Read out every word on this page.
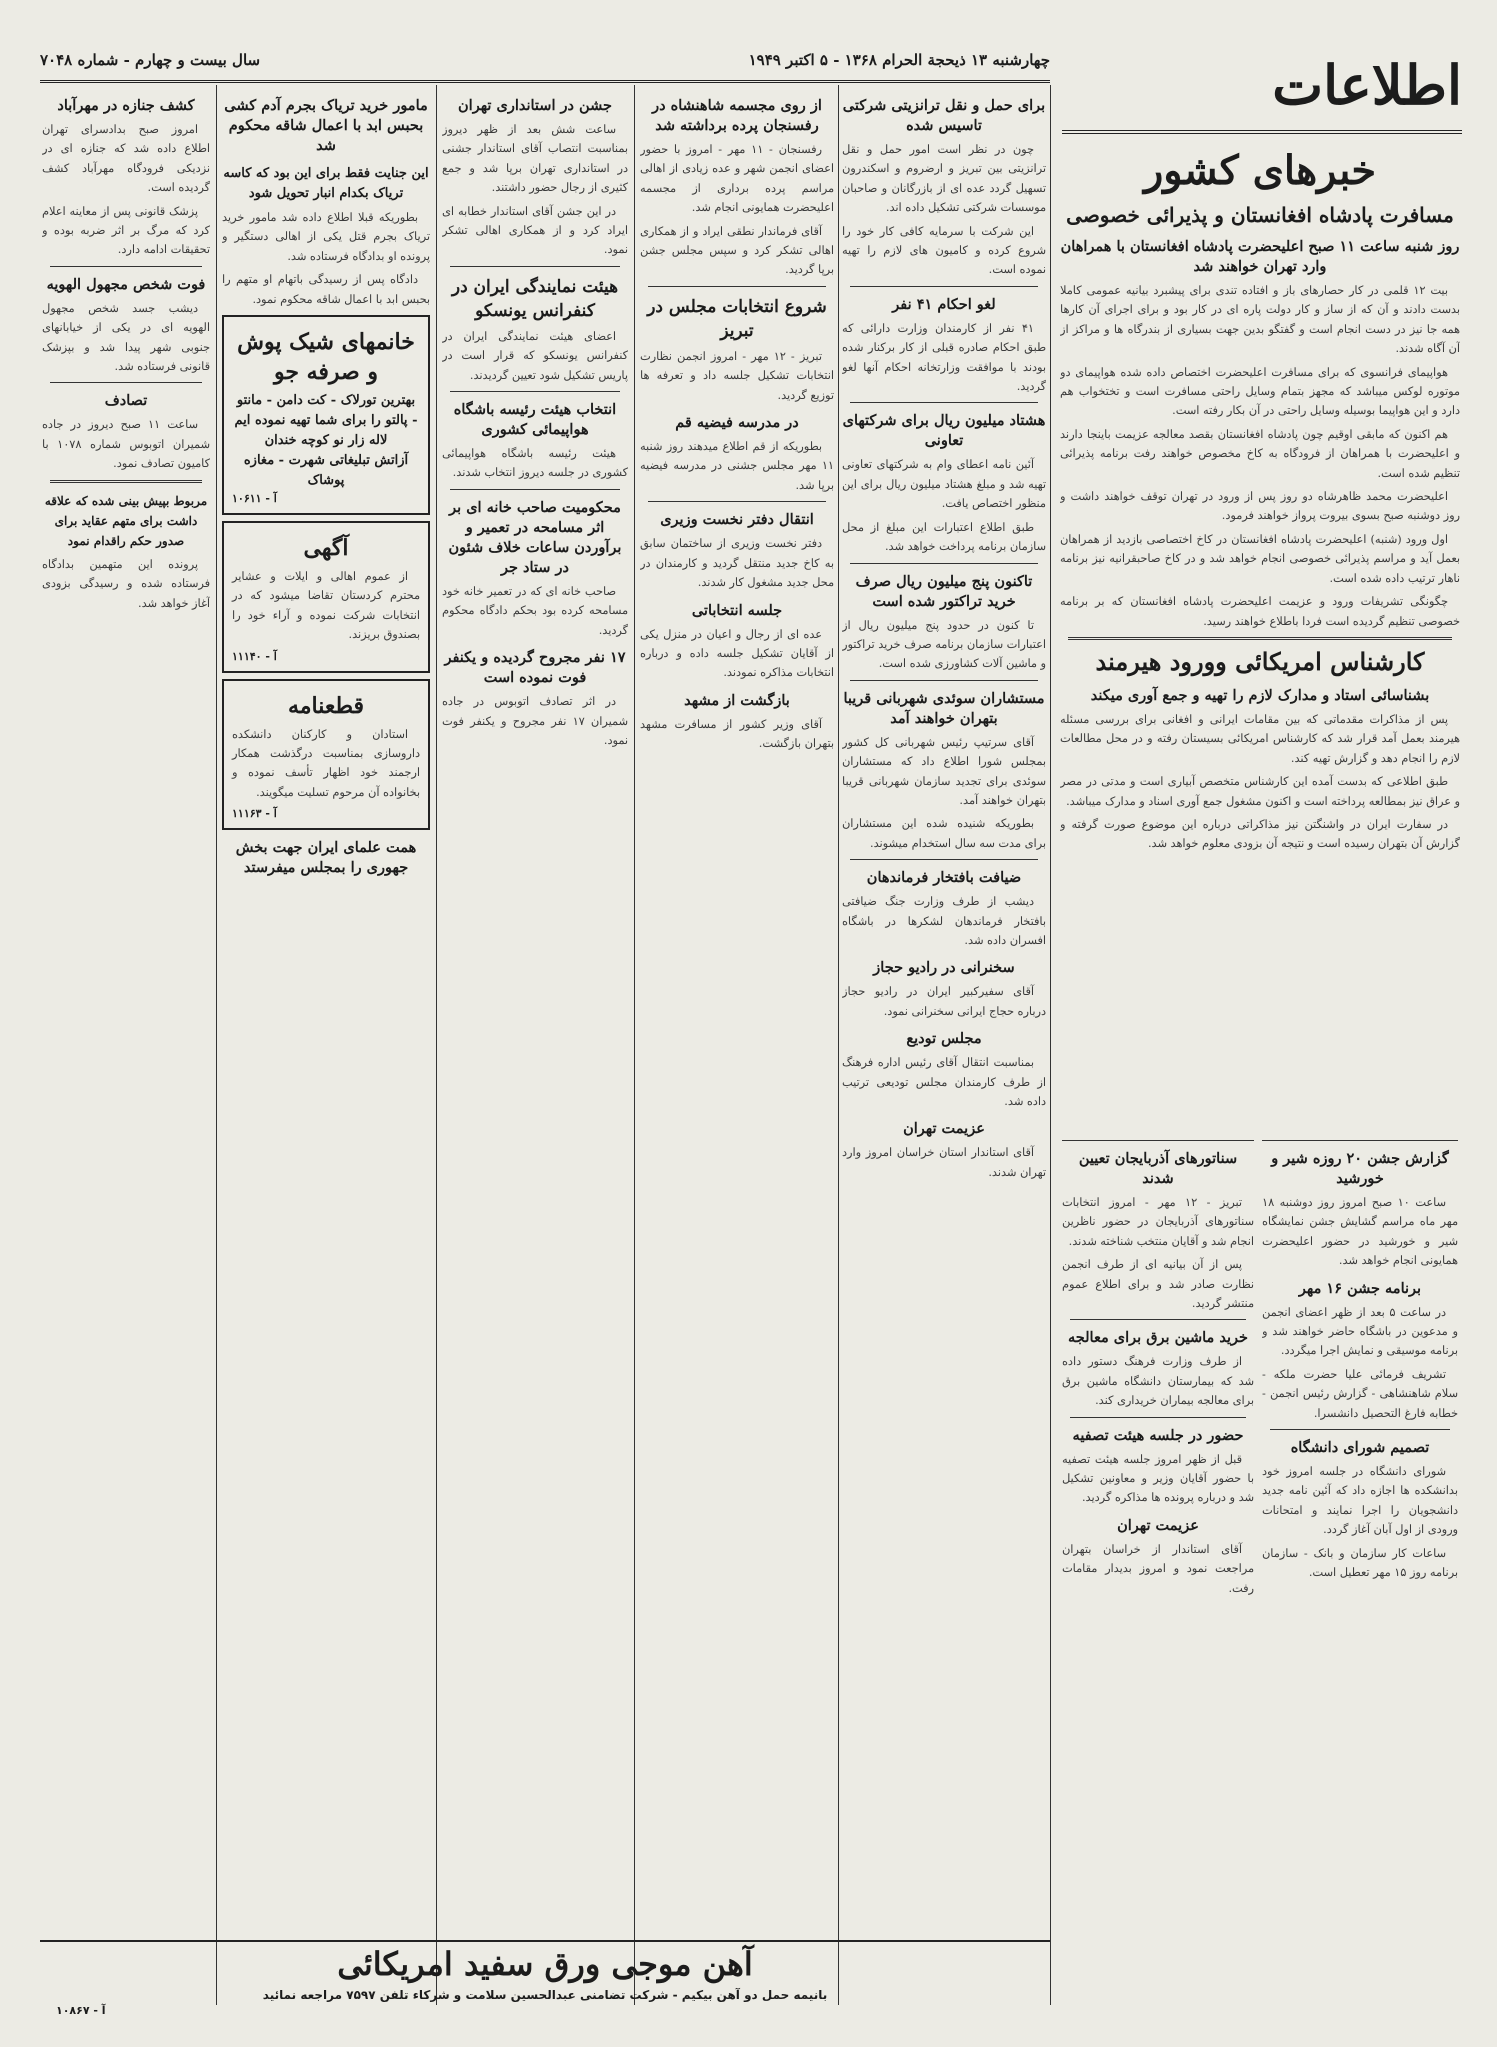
چهارشنبه ۱۳ ذیحجة الحرام ۱۳۶۸ - ۵ اکتبر ۱۹۴۹
سال بیست و چهارم - شماره ۷۰۴۸	اطلاعات
خبرهای کشور
مسافرت پادشاه افغانستان و پذیرائی خصوصی
روز شنبه ساعت ۱۱ صبح اعلیحضرت پادشاه افغانستان با همراهان وارد تهران خواهند شد

بیت ۱۲ قلمی در کار حصارهای باز و افتاده تندی برای پیشبرد بیانیه عمومی کاملا بدست دادند و آن که از ساز و کار دولت پاره ای در کار بود و برای اجرای آن کارها همه جا نیز در دست انجام است و گفتگو بدین جهت بسیاری از بندرگاه ها و مراکز از آن آگاه شدند.

هواپیمای فرانسوی که برای مسافرت اعلیحضرت اختصاص داده شده هواپیمای دو موتوره لوکس میباشد که مجهز بتمام وسایل راحتی مسافرت است و تختخواب هم دارد و این هواپیما بوسیله وسایل راحتی در آن بکار رفته است.

هم اکنون که مابقی اوقیم چون پادشاه افغانستان بقصد معالجه عزیمت باینجا دارند و اعلیحضرت با همراهان از فرودگاه به کاخ مخصوص خواهند رفت برنامه پذیرائی تنظیم شده است.

اعلیحضرت محمد ظاهرشاه دو روز پس از ورود در تهران توقف خواهند داشت و روز دوشنبه صبح بسوی بیروت پرواز خواهند فرمود.

اول ورود (شنبه) اعلیحضرت پادشاه افغانستان در کاخ اختصاصی بازدید از همراهان بعمل آید و مراسم پذیرائی خصوصی انجام خواهد شد و در کاخ صاحبقرانیه نیز برنامه ناهار ترتیب داده شده است.

چگونگی تشریفات ورود و عزیمت اعلیحضرت پادشاه افغانستان که بر برنامه خصوصی تنظیم گردیده است فردا باطلاع خواهند رسید.

کارشناس امریکائی وورود هیرمند
بشناسائی استاد و مدارک لازم را تهیه و جمع آوری میکند

پس از مذاکرات مقدماتی که بین مقامات ایرانی و افغانی برای بررسی مسئله هیرمند بعمل آمد قرار شد که کارشناس امریکائی بسیستان رفته و در محل مطالعات لازم را انجام دهد و گزارش تهیه کند.

طبق اطلاعی که بدست آمده این کارشناس متخصص آبیاری است و مدتی در مصر و عراق نیز بمطالعه پرداخته است و اکنون مشغول جمع آوری اسناد و مدارک میباشد.

در سفارت ایران در واشنگتن نیز مذاکراتی درباره این موضوع صورت گرفته و گزارش آن بتهران رسیده است و نتیجه آن بزودی معلوم خواهد شد.

گزارش جشن ۲۰ روزه شیر و خورشید

ساعت ۱۰ صبح امروز روز دوشنبه ۱۸ مهر ماه مراسم گشایش جشن نمایشگاه شیر و خورشید در حضور اعلیحضرت همایونی انجام خواهد شد.

برنامه جشن ۱۶ مهر

در ساعت ۵ بعد از ظهر اعضای انجمن و مدعوین در باشگاه حاضر خواهند شد و برنامه موسیقی و نمایش اجرا میگردد.

تشریف فرمائی علیا حضرت ملکه - سلام شاهنشاهی - گزارش رئیس انجمن - خطابه فارغ التحصیل دانشسرا.

تصمیم شورای دانشگاه

شورای دانشگاه در جلسه امروز خود بدانشکده ها اجازه داد که آئین نامه جدید دانشجویان را اجرا نمایند و امتحانات ورودی از اول آبان آغاز گردد.

ساعات کار سازمان و بانک - سازمان برنامه روز ۱۵ مهر تعطیل است.

سناتورهای آذربایجان تعیین شدند

تبریز - ۱۲ مهر - امروز انتخابات سناتورهای آذربایجان در حضور ناظرین انجام شد و آقایان منتخب شناخته شدند.

پس از آن بیانیه ای از طرف انجمن نظارت صادر شد و برای اطلاع عموم منتشر گردید.

خرید ماشین برق برای معالجه

از طرف وزارت فرهنگ دستور داده شد که بیمارستان دانشگاه ماشین برق برای معالجه بیماران خریداری کند.

حضور در جلسه هیئت تصفیه

قبل از ظهر امروز جلسه هیئت تصفیه با حضور آقایان وزیر و معاونین تشکیل شد و درباره پرونده ها مذاکره گردید.

عزیمت تهران

آقای استاندار از خراسان بتهران مراجعت نمود و امروز بدیدار مقامات رفت.

برای حمل و نقل ترانزیتی شرکتی تاسیس شده

چون در نظر است امور حمل و نقل ترانزیتی بین تبریز و ارضروم و اسکندرون تسهیل گردد عده ای از بازرگانان و صاحبان موسسات شرکتی تشکیل داده اند.

این شرکت با سرمایه کافی کار خود را شروع کرده و کامیون های لازم را تهیه نموده است.

لغو احکام ۴۱ نفر

۴۱ نفر از کارمندان وزارت دارائی که طبق احکام صادره قبلی از کار برکنار شده بودند با موافقت وزارتخانه احکام آنها لغو گردید.

هشتاد میلیون ریال برای شرکتهای تعاونی

آئین نامه اعطای وام به شرکتهای تعاونی تهیه شد و مبلغ هشتاد میلیون ریال برای این منظور اختصاص یافت.

طبق اطلاع اعتبارات این مبلغ از محل سازمان برنامه پرداخت خواهد شد.

تاکنون پنج میلیون ریال صرف خرید تراکتور شده است

تا کنون در حدود پنج میلیون ریال از اعتبارات سازمان برنامه صرف خرید تراکتور و ماشین آلات کشاورزی شده است.

مستشاران سوئدی شهربانی قریبا بتهران خواهند آمد

آقای سرتیپ رئیس شهربانی کل کشور بمجلس شورا اطلاع داد که مستشاران سوئدی برای تجدید سازمان شهربانی قریبا بتهران خواهند آمد.

بطوریکه شنیده شده این مستشاران برای مدت سه سال استخدام میشوند.

ضیافت بافتخار فرماندهان

دیشب از طرف وزارت جنگ ضیافتی بافتخار فرماندهان لشکرها در باشگاه افسران داده شد.

سخنرانی در رادیو حجاز

آقای سفیرکبیر ایران در رادیو حجاز درباره حجاج ایرانی سخنرانی نمود.

مجلس تودیع

بمناسبت انتقال آقای رئیس اداره فرهنگ از طرف کارمندان مجلس تودیعی ترتیب داده شد.

عزیمت تهران

آقای استاندار استان خراسان امروز وارد تهران شدند.

از روی مجسمه شاهنشاه در رفسنجان پرده برداشته شد

رفسنجان - ۱۱ مهر - امروز با حضور اعضای انجمن شهر و عده زیادی از اهالی مراسم پرده برداری از مجسمه اعلیحضرت همایونی انجام شد.

آقای فرماندار نطقی ایراد و از همکاری اهالی تشکر کرد و سپس مجلس جشن برپا گردید.

شروع انتخابات مجلس در تبریز

تبریز - ۱۲ مهر - امروز انجمن نظارت انتخابات تشکیل جلسه داد و تعرفه ها توزیع گردید.

در مدرسه فیضیه قم

بطوریکه از قم اطلاع میدهند روز شنبه ۱۱ مهر مجلس جشنی در مدرسه فیضیه برپا شد.

انتقال دفتر نخست وزیری

دفتر نخست وزیری از ساختمان سابق به کاخ جدید منتقل گردید و کارمندان در محل جدید مشغول کار شدند.

جلسه انتخاباتی

عده ای از رجال و اعیان در منزل یکی از آقایان تشکیل جلسه داده و درباره انتخابات مذاکره نمودند.

بازگشت از مشهد

آقای وزیر کشور از مسافرت مشهد بتهران بازگشت.

جشن در استانداری تهران

ساعت شش بعد از ظهر دیروز بمناسبت انتصاب آقای استاندار جشنی در استانداری تهران برپا شد و جمع کثیری از رجال حضور داشتند.

در این جشن آقای استاندار خطابه ای ایراد کرد و از همکاری اهالی تشکر نمود.

هیئت نمایندگی ایران در کنفرانس یونسکو

اعضای هیئت نمایندگی ایران در کنفرانس یونسکو که قرار است در پاریس تشکیل شود تعیین گردیدند.

انتخاب هیئت رئیسه باشگاه هواپیمائی کشوری

هیئت رئیسه باشگاه هواپیمائی کشوری در جلسه دیروز انتخاب شدند.

محکومیت صاحب خانه ای بر اثر مسامحه در تعمیر و برآوردن ساعات خلاف شئون در ستاد جر

صاحب خانه ای که در تعمیر خانه خود مسامحه کرده بود بحکم دادگاه محکوم گردید.

۱۷ نفر مجروح گردیده و یکنفر فوت نموده است

در اثر تصادف اتوبوس در جاده شمیران ۱۷ نفر مجروح و یکنفر فوت نمود.

مامور خرید تریاک بجرم آدم کشی بحبس ابد با اعمال شاقه محکوم شد
این جنایت فقط برای این بود که کاسه تریاک بکدام انبار تحویل شود

بطوریکه قبلا اطلاع داده شد مامور خرید تریاک بجرم قتل یکی از اهالی دستگیر و پرونده او بدادگاه فرستاده شد.

دادگاه پس از رسیدگی باتهام او متهم را بحبس ابد با اعمال شاقه محکوم نمود.

خانمهای شیک پوش و صرفه جو
بهترین تورلاک - کت دامن - مانتو - پالتو را برای شما تهیه نموده ایم لاله زار نو کوچه خندان
آزاتش تبلیغاتی شهرت - مغازه پوشاک
۱۰۶۱۱ - آ
آگهی

از عموم اهالی و ایلات و عشایر محترم کردستان تقاضا میشود که در انتخابات شرکت نموده و آراء خود را بصندوق بریزند.

۱۱۱۴۰ - آ
قطعنامه

استادان و کارکنان دانشکده داروسازی بمناسبت درگذشت همکار ارجمند خود اظهار تأسف نموده و بخانواده آن مرحوم تسلیت میگویند.

۱۱۱۶۳ - آ
همت علمای ایران جهت بخش جهوری را بمجلس میفرستد
کشف جنازه در مهرآباد

امروز صبح بدادسرای تهران اطلاع داده شد که جنازه ای در نزدیکی فرودگاه مهرآباد کشف گردیده است.

پزشک قانونی پس از معاینه اعلام کرد که مرگ بر اثر ضربه بوده و تحقیقات ادامه دارد.

فوت شخص مجهول الهویه

دیشب جسد شخص مجهول الهویه ای در یکی از خیابانهای جنوبی شهر پیدا شد و بپزشک قانونی فرستاده شد.

تصادف

ساعت ۱۱ صبح دیروز در جاده شمیران اتوبوس شماره ۱۰۷۸ با کامیون تصادف نمود.

مربوط بپیش بینی شده که علاقه داشت برای متهم عقاید برای صدور حکم راقدام نمود

پرونده این متهمین بدادگاه فرستاده شده و رسیدگی بزودی آغاز خواهد شد.

آهن موجی ورق سفید امریکائی
بانیمه حمل دو آهن بیکیم - شرکت تضامنی عبدالحسین سلامت و شرکاء تلفن ۷۵۹۷ مراجعه نمائید
۱۰۸۶۷ - آ
